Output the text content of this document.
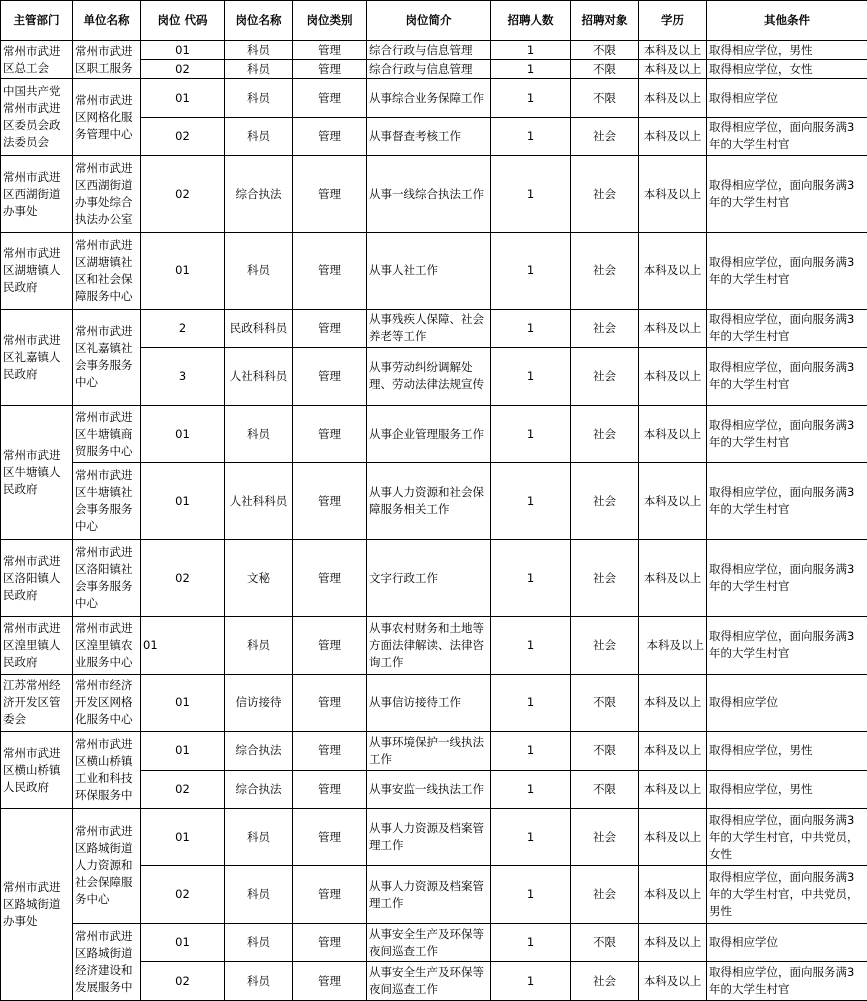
主管部门	单位名称	岗位 代码	岗位名称	岗位类别	岗位简介	招聘人数	招聘对象	学历	其他条件
常州市武进区总工会	常州市武进区职工服务	01	科员	管理	综合行政与信息管理	1	不限	本科及以上	取得相应学位，男性
		02	科员	管理	综合行政与信息管理	1	不限	本科及以上	取得相应学位，女性
中国共产党常州市武进区委员会政法委员会	常州市武进区网格化服务管理中心	01	科员	管理	从事综合业务保障工作	1	不限	本科及以上	取得相应学位
		02	科员	管理	从事督查考核工作	1	社会	本科及以上	取得相应学位，面向服务满3年的大学生村官
常州市武进区西湖街道办事处	常州市武进区西湖街道办事处综合执法办公室	02	综合执法	管理	从事一线综合执法工作	1	社会	本科及以上	取得相应学位，面向服务满3年的大学生村官
常州市武进区湖塘镇人民政府	常州市武进区湖塘镇社区和社会保障服务中心	01	科员	管理	从事人社工作	1	社会	本科及以上	取得相应学位，面向服务满3年的大学生村官
常州市武进区礼嘉镇人民政府	常州市武进区礼嘉镇社会事务服务中心	2	民政科科员	管理	从事残疾人保障、社会养老等工作	1	社会	本科及以上	取得相应学位，面向服务满3年的大学生村官
		3	人社科科员	管理	从事劳动纠纷调解处理、劳动法律法规宣传	1	社会	本科及以上	取得相应学位，面向服务满3年的大学生村官
常州市武进区牛塘镇人民政府	常州市武进区牛塘镇商贸服务中心	01	科员	管理	从事企业管理服务工作	1	社会	本科及以上	取得相应学位，面向服务满3年的大学生村官
	常州市武进区牛塘镇社会事务服务中心	01	人社科科员	管理	从事人力资源和社会保障服务相关工作	1	社会	本科及以上	取得相应学位，面向服务满3年的大学生村官
常州市武进区洛阳镇人民政府	常州市武进区洛阳镇社会事务服务中心	02	文秘	管理	文字行政工作	1	社会	本科及以上	取得相应学位，面向服务满3年的大学生村官
常州市武进区湟里镇人民政府	常州市武进区湟里镇农业服务中心	01	科员	管理	从事农村财务和土地等方面法律解读、法律咨询工作	1	社会	本科及以上	取得相应学位，面向服务满3年的大学生村官
江苏常州经济开发区管委会	常州市经济开发区网格化服务中心	01	信访接待	管理	从事信访接待工作	1	不限	本科及以上	取得相应学位
常州市武进区横山桥镇人民政府	常州市武进区横山桥镇工业和科技环保服务中	01	综合执法	管理	从事环境保护一线执法工作	1	不限	本科及以上	取得相应学位，男性
		02	综合执法	管理	从事安监一线执法工作	1	不限	本科及以上	取得相应学位，男性
常州市武进区路城街道办事处	常州市武进区路城街道人力资源和社会保障服务中心	01	科员	管理	从事人力资源及档案管理工作	1	社会	本科及以上	取得相应学位，面向服务满3年的大学生村官，中共党员，女性
		02	科员	管理	从事人力资源及档案管理工作	1	社会	本科及以上	取得相应学位，面向服务满3年的大学生村官，中共党员，男性
	常州市武进区路城街道经济建设和发展服务中	01	科员	管理	从事安全生产及环保等夜间巡查工作	1	不限	本科及以上	取得相应学位
		02	科员	管理	从事安全生产及环保等夜间巡查工作	1	社会	本科及以上	取得相应学位，面向服务满3年的大学生村官
